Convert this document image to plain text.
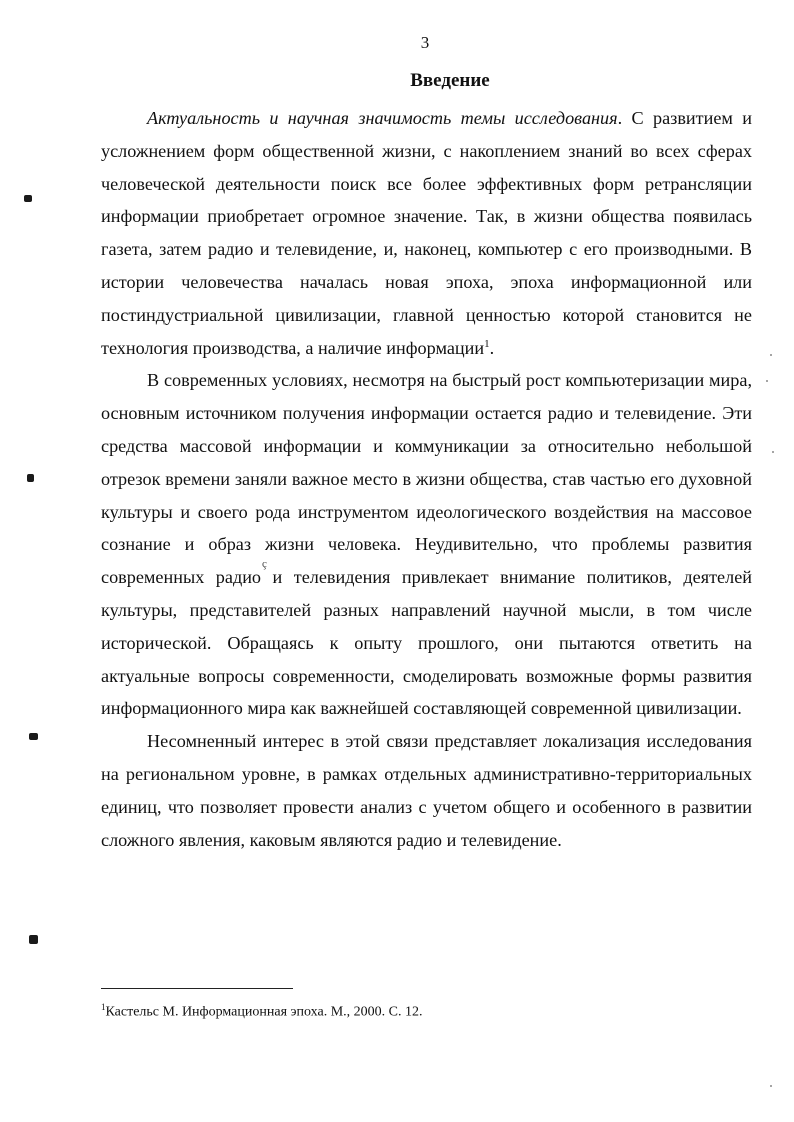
3
Введение

Актуальность и научная значимость темы исследования. С развитием и усложнением форм общественной жизни, с накоплением знаний во всех сферах человеческой деятельности поиск все более эффективных форм ретрансляции информации приобретает огромное значение. Так, в жизни общества появилась газета, затем радио и телевидение, и, наконец, компьютер с его производными. В истории человечества началась новая эпоха, эпоха информационной или постиндустриальной цивилизации, главной ценностью которой становится не технология производства, а наличие информации$^1$.

В современных условиях, несмотря на быстрый рост компьютеризации мира, основным источником получения информации остается радио и телевидение. Эти средства массовой информации и коммуникации за относительно небольшой отрезок времени заняли важное место в жизни общества, став частью его духовной культуры и своего рода инструментом идеологического воздействия на массовое сознание и образ жизни человека. Неудивительно, что проблемы развития современных радио и телевидения привлекает внимание политиков, деятелей культуры, представителей разных направлений научной мысли, в том числе исторической. Обращаясь к опыту прошлого, они пытаются ответить на актуальные вопросы современности, смоделировать возможные формы развития информационного мира как важнейшей составляющей современной цивилизации.

Несомненный интерес в этой связи представляет локализация исследования на региональном уровне, в рамках отдельных административно-территориальных единиц, что позволяет провести анализ с учетом общего и особенного в развитии сложного явления, каковым являются радио и телевидение.

$^1$Кастельс М. Информационная эпоха. М., 2000. С. 12.
ç
